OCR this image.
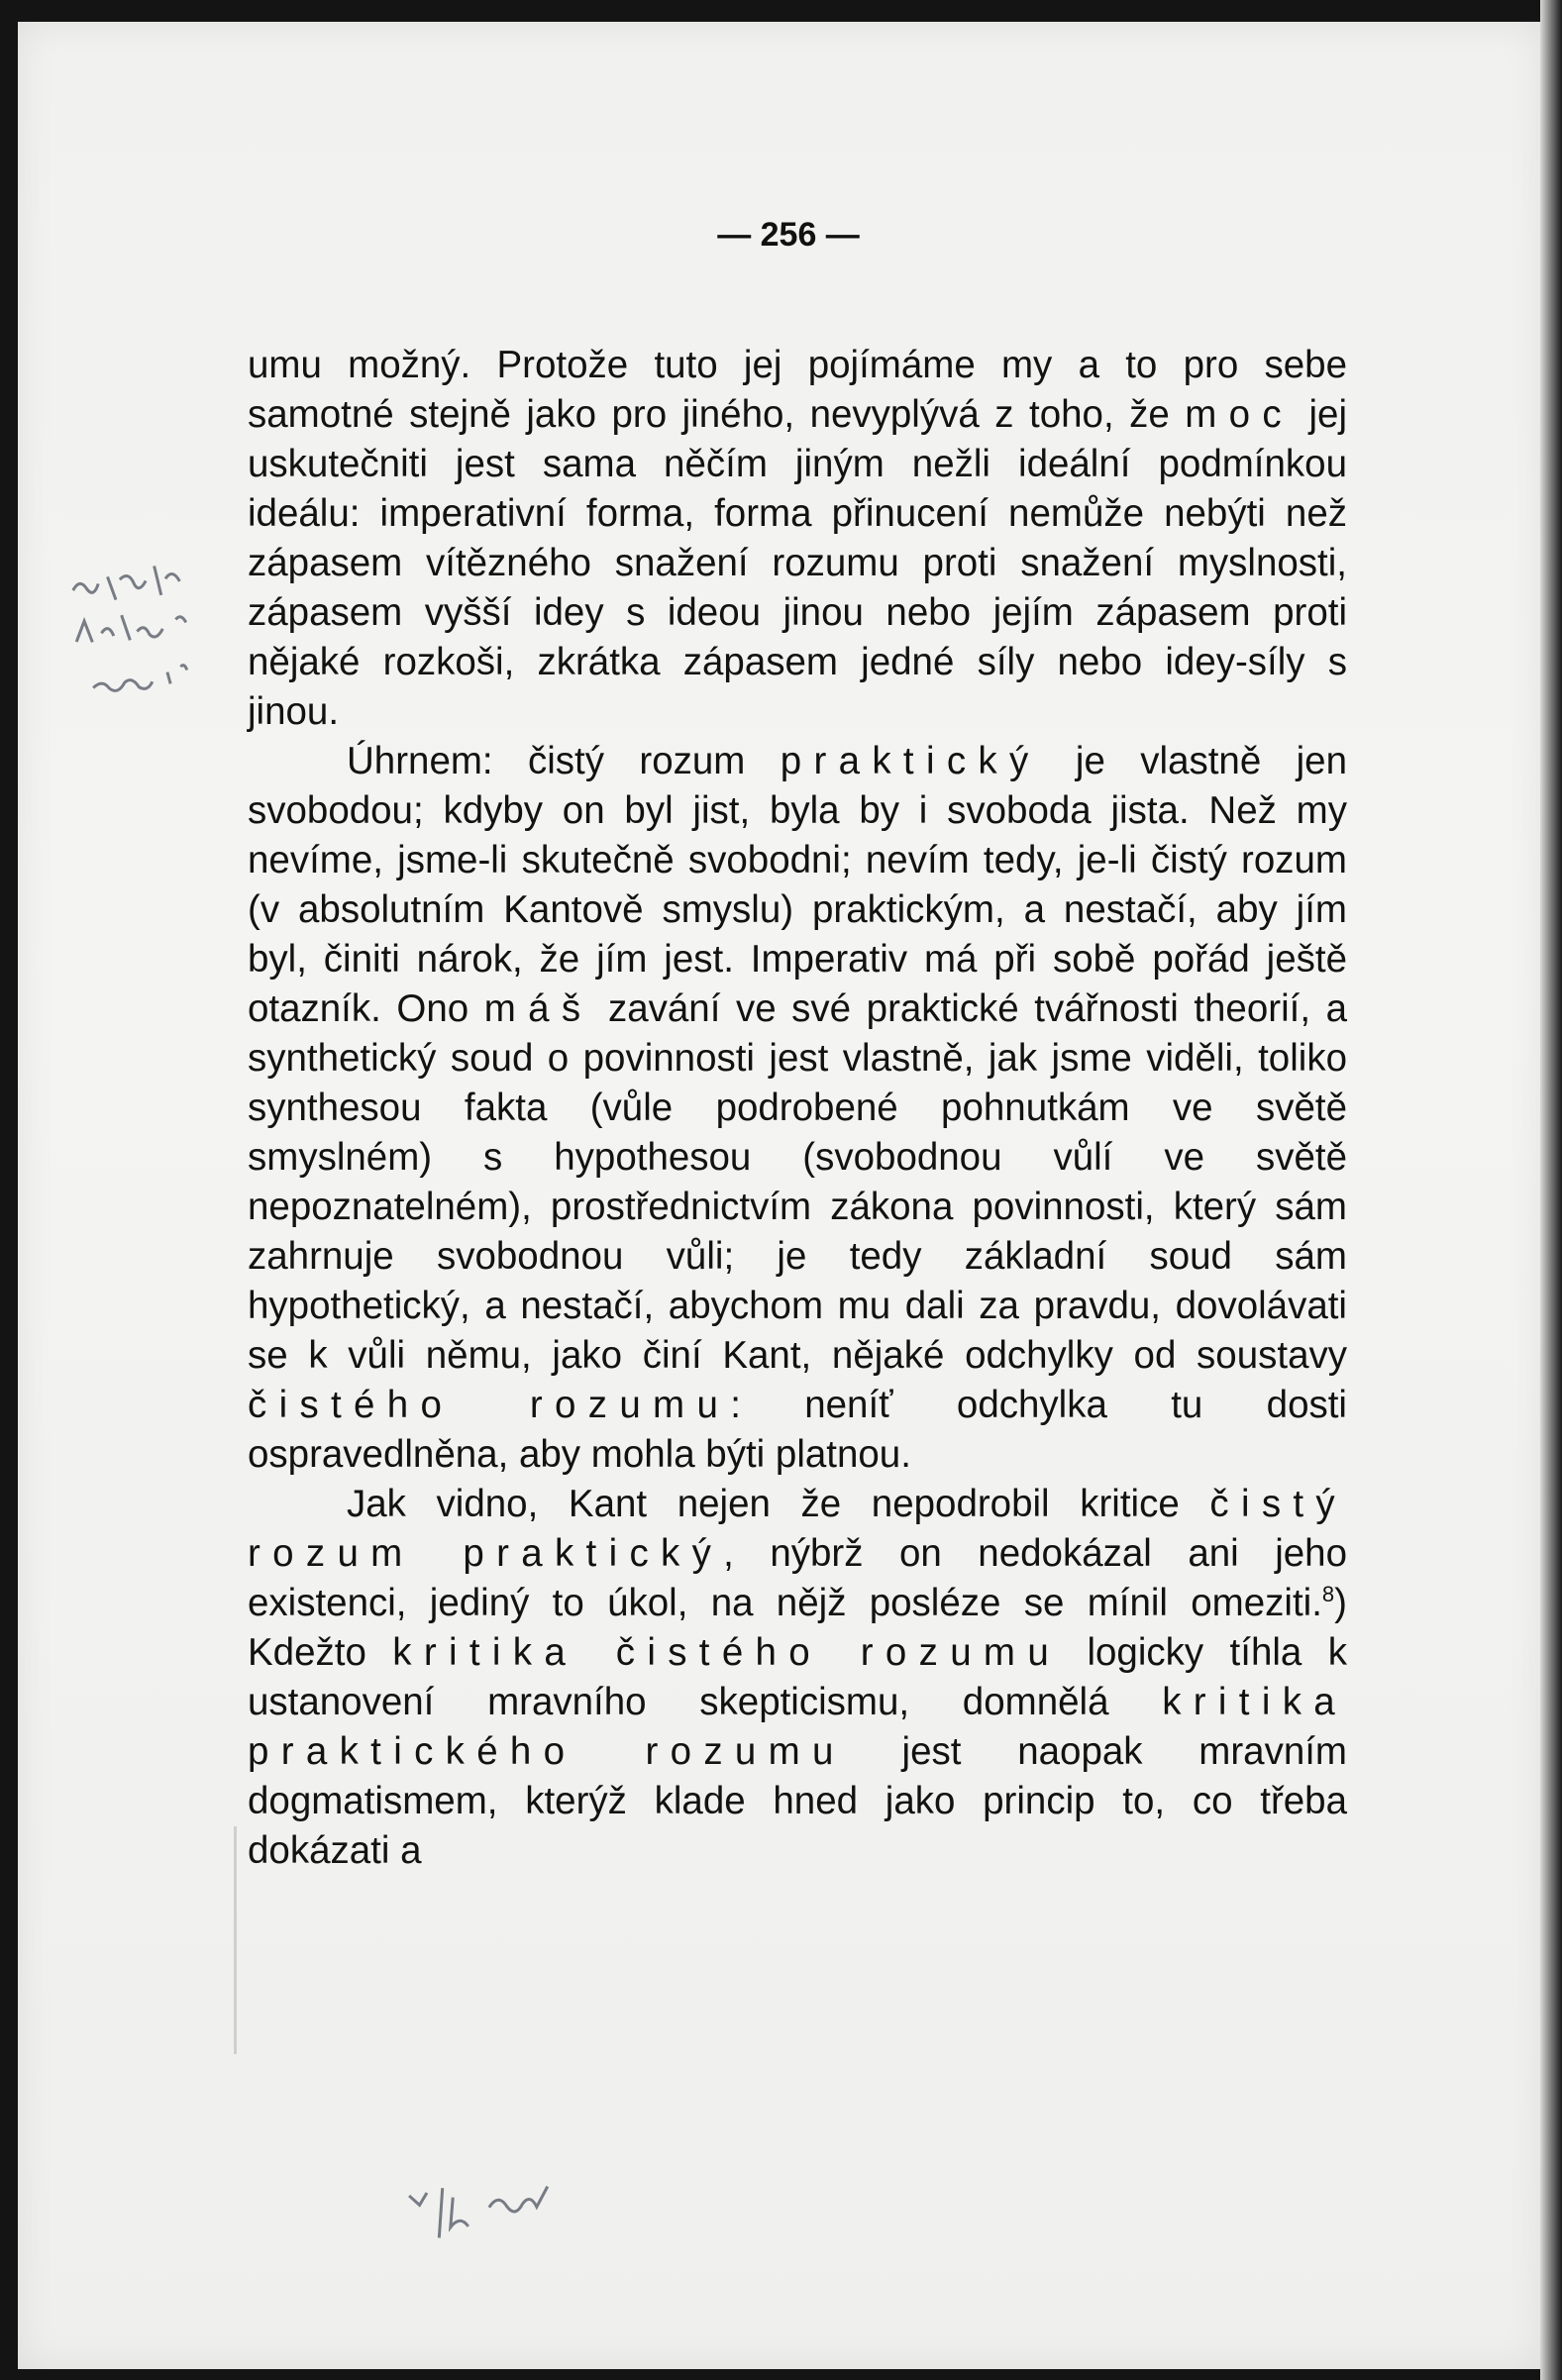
— 256 —

umu možný. Protože tuto jej pojímáme my a to pro sebe samotné stejně jako pro jiného, nevyplývá z toho, že moc jej uskutečniti jest sama něčím jiným nežli ideální podmínkou ideálu: imperativní forma, forma přinucení nemůže nebýti než zápasem vítězného snažení rozumu proti snažení myslnosti, zápasem vyšší idey s ideou jinou nebo jejím zápasem proti nějaké rozkoši, zkrátka zápasem jedné síly nebo idey-síly s jinou.

Úhrnem: čistý rozum praktický je vlastně jen svobodou; kdyby on byl jist, byla by i svoboda jista. Než my nevíme, jsme-li skutečně svobodni; nevím tedy, je-li čistý rozum (v absolutním Kantově smyslu) praktickým, a nestačí, aby jím byl, činiti nárok, že jím jest. Imperativ má při sobě pořád ještě otazník. Ono máš zavání ve své praktické tvářnosti theorií, a synthetický soud o povinnosti jest vlastně, jak jsme viděli, toliko synthesou fakta (vůle podrobené pohnutkám ve světě smyslném) s hypothesou (svobodnou vůlí ve světě nepoznatelném), prostřednictvím zákona povinnosti, který sám zahrnuje svobodnou vůli; je tedy základní soud sám hypothetický, a nestačí, abychom mu dali za pravdu, dovolávati se k vůli němu, jako činí Kant, nějaké odchylky od soustavy čistého rozumu: neníť odchylka tu dosti ospravedlněna, aby mohla býti platnou.

Jak vidno, Kant nejen že nepodrobil kritice čistý rozum praktický, nýbrž on nedokázal ani jeho existenci, jediný to úkol, na nějž posléze se mínil omeziti.$^8$) Kdežto kritika čistého rozumu logicky tíhla k ustanovení mravního skepticismu, domnělá kritika praktického rozumu jest naopak mravním dogmatismem, kterýž klade hned jako princip to, co třeba dokázati a
